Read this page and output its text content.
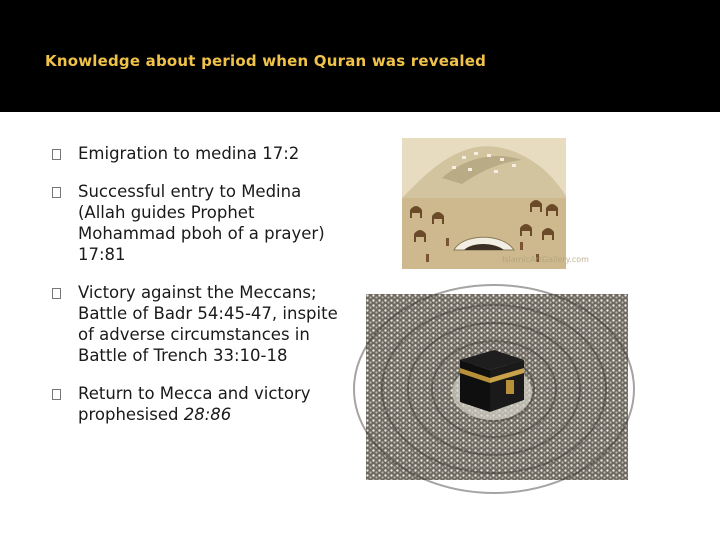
Knowledge about period when Quran was revealed
Emigration to medina 17:2
Successful entry to Medina (Allah guides Prophet Mohammad pboh of a prayer) 17:81
Victory against the Meccans; Battle of Badr 54:45-47, inspite of adverse circumstances in Battle of Trench 33:10-18
Return to Mecca and victory prophesised 28:86
IslamicArtGallery.com
